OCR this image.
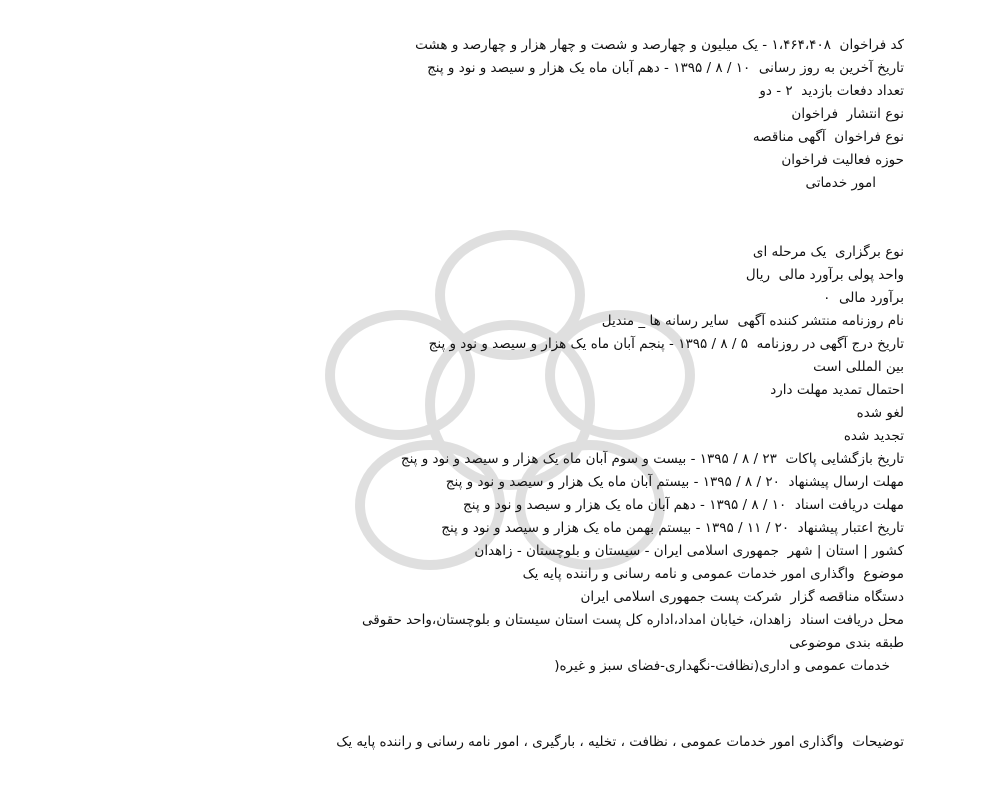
کد فراخوان  ۱،۴۶۴،۴۰۸ - یک میلیون و چهارصد و شصت و چهار هزار و چهارصد و هشت
تاریخ آخرین به روز رسانی  ۱۰ / ۸ / ۱۳۹۵ - دهم آبان ماه یک هزار و سیصد و نود و پنج
تعداد دفعات بازدید  ۲ - دو
نوع انتشار  فراخوان
نوع فراخوان  آگهی مناقصه
حوزه فعالیت فراخوان
امور خدماتی
نوع برگزاری  یک مرحله ای
واحد پولی برآورد مالی  ریال
برآورد مالی  ۰
نام روزنامه منتشر کننده آگهی  سایر رسانه ها _ مندیل
تاریخ درج آگهی در روزنامه  ۵ / ۸ / ۱۳۹۵ - پنجم آبان ماه یک هزار و سیصد و نود و پنج
بین المللی است
احتمال تمدید مهلت دارد
لغو شده
تجدید شده
تاریخ بازگشایی پاکات  ۲۳ / ۸ / ۱۳۹۵ - بیست و سوم آبان ماه یک هزار و سیصد و نود و پنج
مهلت ارسال پیشنهاد  ۲۰ / ۸ / ۱۳۹۵ - بیستم آبان ماه یک هزار و سیصد و نود و پنج
مهلت دریافت اسناد  ۱۰ / ۸ / ۱۳۹۵ - دهم آبان ماه یک هزار و سیصد و نود و پنج
تاریخ اعتبار پیشنهاد  ۲۰ / ۱۱ / ۱۳۹۵ - بیستم بهمن ماه یک هزار و سیصد و نود و پنج
کشور | استان | شهر  جمهوری اسلامی ایران - سیستان و بلوچستان - زاهدان
موضوع  واگذاری امور خدمات عمومی و نامه رسانی و راننده پایه یک
دستگاه مناقصه گزار  شرکت پست جمهوری اسلامی ایران
محل دریافت اسناد  زاهدان، خیابان امداد،اداره کل پست استان سیستان و بلوچستان،واحد حقوقی
طبقه بندی موضوعی
خدمات عمومی و اداری(نظافت-نگهداری-فضای سبز و غیره(
توضیحات  واگذاری امور خدمات عمومی ، نظافت ، تخلیه ، بارگیری ، امور نامه رسانی و راننده پایه یک
